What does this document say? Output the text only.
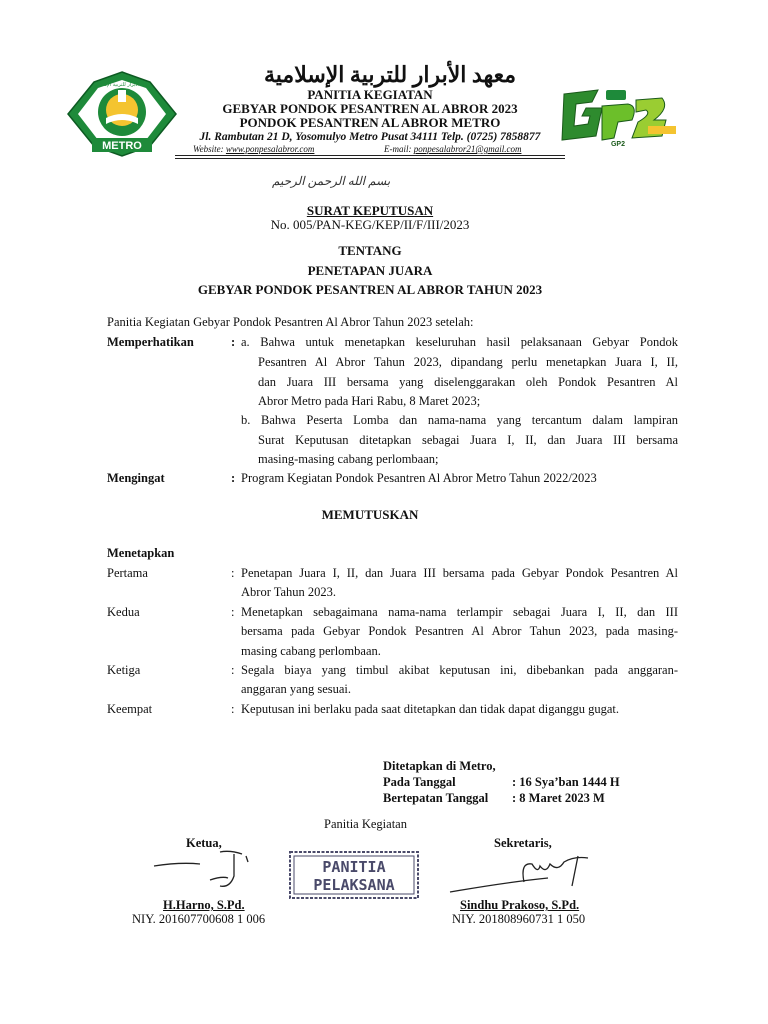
METRO
معهد الأبرار للتربية الإسلامية
GP2
معهد الأبرار للتربية الإسلامية
PANITIA KEGIATAN
GEBYAR PONDOK PESANTREN AL ABROR 2023
PONDOK PESANTREN AL ABROR METRO
Jl. Rambutan 21 D, Yosomulyo Metro Pusat 34111 Telp. (0725) 7858877
Website: www.ponpesalabror.com	E-mail: ponpesalabror21@gmail.com
بسم الله الرحمن الرحيم
SURAT KEPUTUSAN
No. 005/PAN-KEG/KEP/II/F/III/2023
TENTANG
PENETAPAN JUARA
GEBYAR PONDOK PESANTREN AL ABROR TAHUN 2023
Panitia Kegiatan Gebyar Pondok Pesantren Al Abror Tahun 2023 setelah:
Memperhatikan	: a. Bahwa untuk menetapkan keseluruhan hasil pelaksanaan Gebyar Pondok
Pesantren Al Abror Tahun 2023, dipandang perlu menetapkan Juara I, II,
dan Juara III bersama yang diselenggarakan oleh Pondok Pesantren Al
Abror Metro pada Hari Rabu, 8 Maret 2023;
b. Bahwa Peserta Lomba dan nama-nama yang tercantum dalam lampiran
Surat Keputusan ditetapkan sebagai Juara I, II, dan Juara III bersama
masing-masing cabang perlombaan;
Mengingat	: Program Kegiatan Pondok Pesantren Al Abror Metro Tahun 2022/2023
MEMUTUSKAN
Menetapkan
Pertama	: Penetapan Juara I, II, dan Juara III bersama pada Gebyar Pondok Pesantren Al
Abror Tahun 2023.
Kedua	: Menetapkan sebagaimana nama-nama terlampir sebagai Juara I, II, dan III
bersama pada Gebyar Pondok Pesantren Al Abror Tahun 2023, pada masing-
masing cabang perlombaan.
Ketiga	: Segala biaya yang timbul akibat keputusan ini, dibebankan pada anggaran-
anggaran yang sesuai.
Keempat	: Keputusan ini berlaku pada saat ditetapkan dan tidak dapat diganggu gugat.
Ditetapkan di Metro,
Pada Tanggal	: 16 Sya’ban 1444 H
Bertepatan Tanggal : 8 Maret 2023 M
Panitia Kegiatan
Ketua,	Sekretaris,
PANITIA
PELAKSANA
H.Harno, S.Pd.
NIY. 201607700608 1 006
Sindhu Prakoso, S.Pd.
NIY. 201808960731 1 050
